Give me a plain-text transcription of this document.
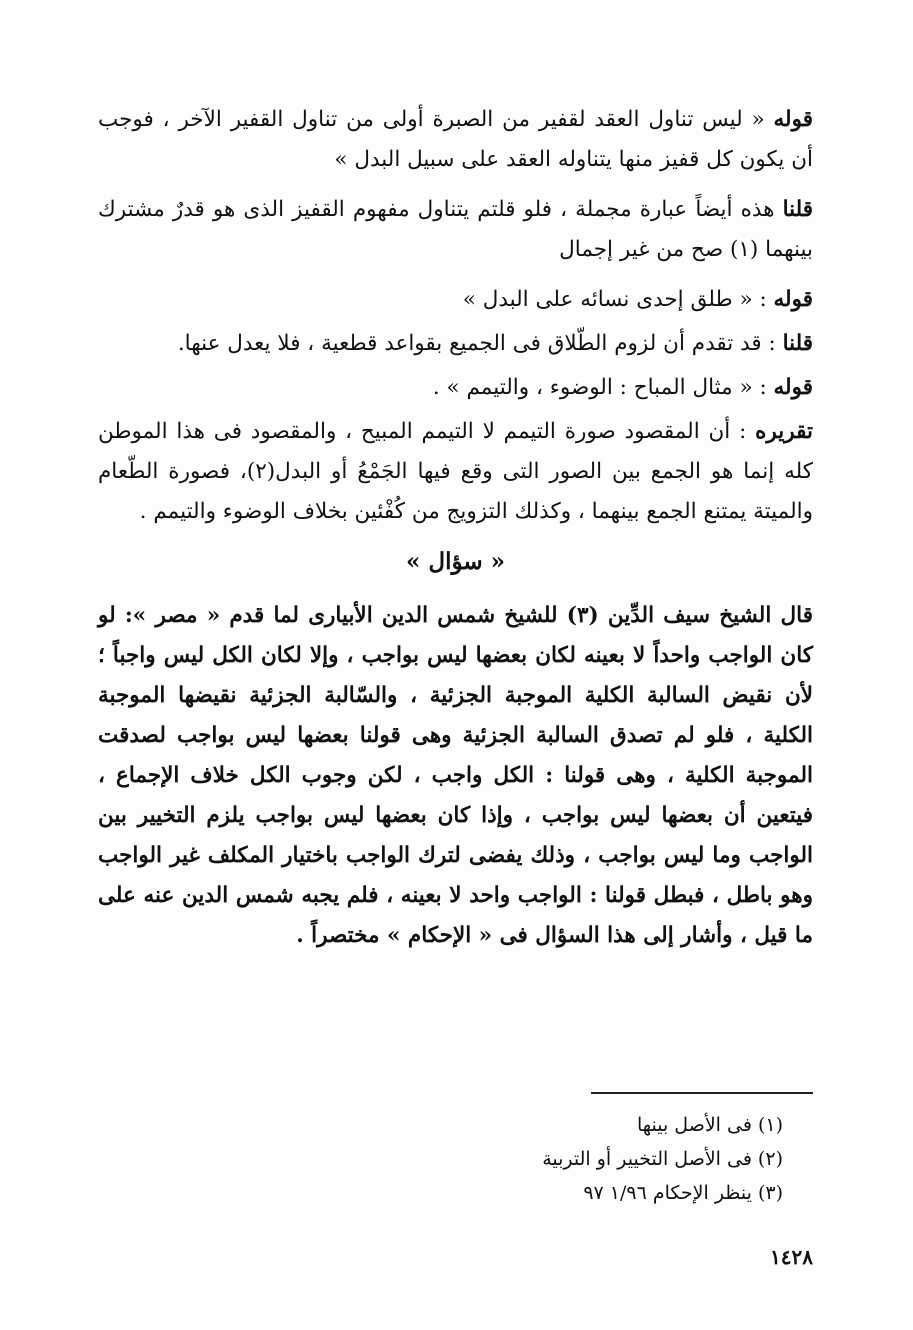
قوله « ليس تناول العقد لقفير من الصبرة أولى من تناول القفير الآخر ، فوجب أن يكون كل قفيز منها يتناوله العقد على سبيل البدل »

قلنا هذه أيضاً عبارة مجملة ، فلو قلتم يتناول مفهوم القفيز الذى هو قدرٌ مشترك بينهما (١) صح من غير إجمال

قوله : « طلق إحدى نسائه على البدل »

قلنا : قد تقدم أن لزوم الطّلاق فى الجميع بقواعد قطعية ، فلا يعدل عنها.

قوله : « مثال المباح : الوضوء ، والتيمم » .

تقريره : أن المقصود صورة التيمم لا التيمم المبيح ، والمقصود فى هذا الموطن كله إنما هو الجمع بين الصور التى وقع فيها الجَمْعُ أو البدل(٢)، فصورة الطّعام والميتة يمتنع الجمع بينهما ، وكذلك التزويج من كُفْئين بخلاف الوضوء والتيمم .

« سؤال »

قال الشيخ سيف الدِّين (٣) للشيخ شمس الدين الأبيارى لما قدم « مصر »: لو كان الواجب واحداً لا بعينه لكان بعضها ليس بواجب ، وإلا لكان الكل ليس واجباً ؛ لأن نقيض السالبة الكلية الموجبة الجزئية ، والسّالبة الجزئية نقيضها الموجبة الكلية ، فلو لم تصدق السالبة الجزئية وهى قولنا بعضها ليس بواجب لصدقت الموجبة الكلية ، وهى قولنا : الكل واجب ، لكن وجوب الكل خلاف الإجماع ، فيتعين أن بعضها ليس بواجب ، وإذا كان بعضها ليس بواجب يلزم التخيير بين الواجب وما ليس بواجب ، وذلك يفضى لترك الواجب باختيار المكلف غير الواجب وهو باطل ، فبطل قولنا : الواجب واحد لا بعينه ، فلم يجبه شمس الدين عنه على ما قيل ، وأشار إلى هذا السؤال فى « الإحكام » مختصراً .

(١) فى الأصل بينها
(٢) فى الأصل التخيير أو التربية
(٣) ينظر الإحكام ١/٩٦ ٩٧
١٤٢٨
